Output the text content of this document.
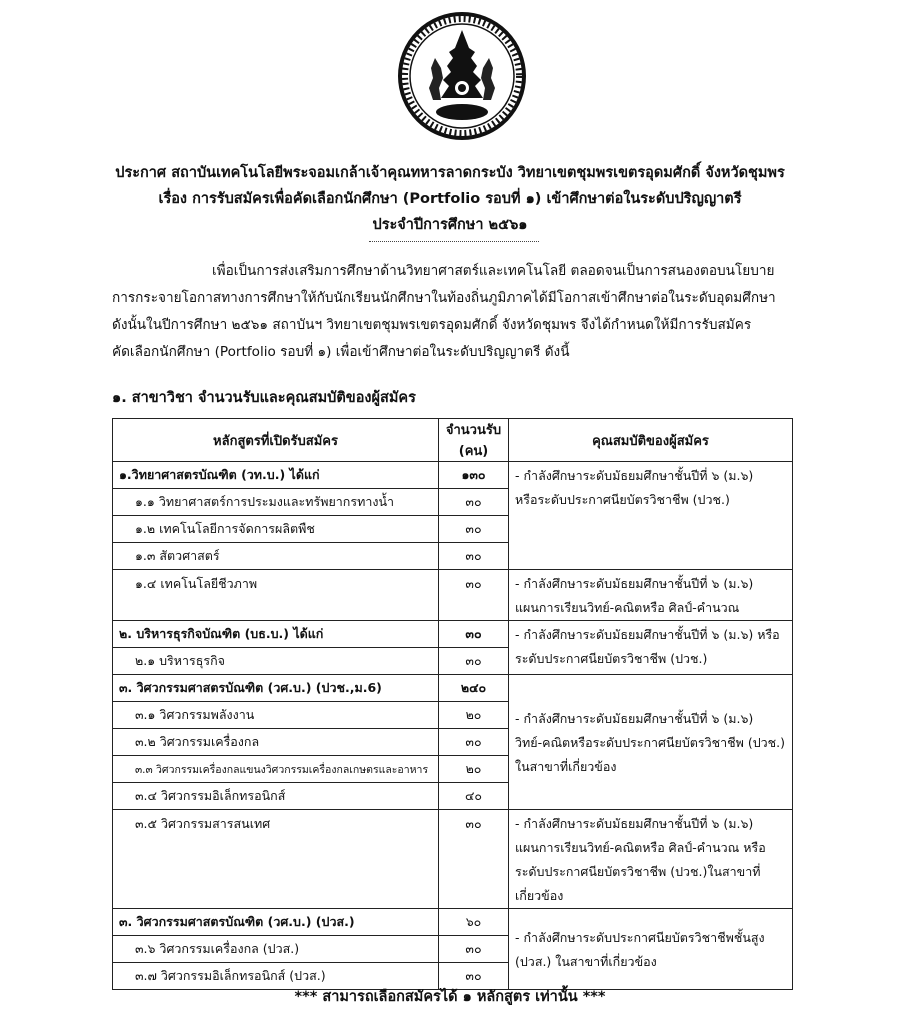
ประกาศ สถาบันเทคโนโลยีพระจอมเกล้าเจ้าคุณทหารลาดกระบัง วิทยาเขตชุมพรเขตรอุดมศักดิ์ จังหวัดชุมพร
เรื่อง การรับสมัครเพื่อคัดเลือกนักศึกษา (Portfolio รอบที่ ๑) เข้าศึกษาต่อในระดับปริญญาตรี
ประจำปีการศึกษา ๒๕๖๑
เพื่อเป็นการส่งเสริมการศึกษาด้านวิทยาศาสตร์และเทคโนโลยี ตลอดจนเป็นการสนองตอบนโยบาย
การกระจายโอกาสทางการศึกษาให้กับนักเรียนนักศึกษาในท้องถิ่นภูมิภาคได้มีโอกาสเข้าศึกษาต่อในระดับอุดมศึกษา
ดังนั้นในปีการศึกษา ๒๕๖๑ สถาบันฯ วิทยาเขตชุมพรเขตรอุดมศักดิ์ จังหวัดชุมพร จึงได้กำหนดให้มีการรับสมัคร
คัดเลือกนักศึกษา (Portfolio รอบที่ ๑) เพื่อเข้าศึกษาต่อในระดับปริญญาตรี ดังนี้
๑. สาขาวิชา จำนวนรับและคุณสมบัติของผู้สมัคร
หลักสูตรที่เปิดรับสมัคร	จำนวนรับ
(คน)	คุณสมบัติของผู้สมัคร
๑.วิทยาศาสตรบัณฑิต (วท.บ.) ได้แก่	๑๓๐	- กำลังศึกษาระดับมัธยมศึกษาชั้นปีที่ ๖ (ม.๖)
หรือระดับประกาศนียบัตรวิชาชีพ (ปวช.)

๑.๑ วิทยาศาสตร์การประมงและทรัพยากรทางน้ำ	๓๐	
๑.๒ เทคโนโลยีการจัดการผลิตพืช	๓๐	
๑.๓ สัตวศาสตร์	๓๐	
๑.๔ เทคโนโลยีชีวภาพ	๓๐	- กำลังศึกษาระดับมัธยมศึกษาชั้นปีที่ ๖ (ม.๖)
แผนการเรียนวิทย์-คณิตหรือ ศิลป์-คำนวณ

๒. บริหารธุรกิจบัณฑิต (บธ.บ.) ได้แก่	๓๐	- กำลังศึกษาระดับมัธยมศึกษาชั้นปีที่ ๖ (ม.๖) หรือ
ระดับประกาศนียบัตรวิชาชีพ (ปวช.)

๒.๑ บริหารธุรกิจ	๓๐	
๓. วิศวกรรมศาสตรบัณฑิต (วศ.บ.) (ปวช.,ม.6)	๒๔๐	- กำลังศึกษาระดับมัธยมศึกษาชั้นปีที่ ๖ (ม.๖)
วิทย์-คณิตหรือระดับประกาศนียบัตรวิชาชีพ (ปวช.)
ในสาขาที่เกี่ยวข้อง

๓.๑ วิศวกรรมพลังงาน	๒๐	
๓.๒ วิศวกรรมเครื่องกล	๓๐	
๓.๓ วิศวกรรมเครื่องกลแขนงวิศวกรรมเครื่องกลเกษตรและอาหาร	๒๐	
๓.๔ วิศวกรรมอิเล็กทรอนิกส์	๔๐	
๓.๕ วิศวกรรมสารสนเทศ	๓๐	- กำลังศึกษาระดับมัธยมศึกษาชั้นปีที่ ๖ (ม.๖)
แผนการเรียนวิทย์-คณิตหรือ ศิลป์-คำนวณ หรือ
ระดับประกาศนียบัตรวิชาชีพ (ปวช.)ในสาขาที่
เกี่ยวข้อง

๓. วิศวกรรมศาสตรบัณฑิต (วศ.บ.) (ปวส.)	๖๐	- กำลังศึกษาระดับประกาศนียบัตรวิชาชีพชั้นสูง
(ปวส.) ในสาขาที่เกี่ยวข้อง

๓.๖ วิศวกรรมเครื่องกล (ปวส.)	๓๐	
๓.๗ วิศวกรรมอิเล็กทรอนิกส์ (ปวส.)	๓๐	
*** สามารถเลือกสมัครได้ ๑ หลักสูตร เท่านั้น ***
